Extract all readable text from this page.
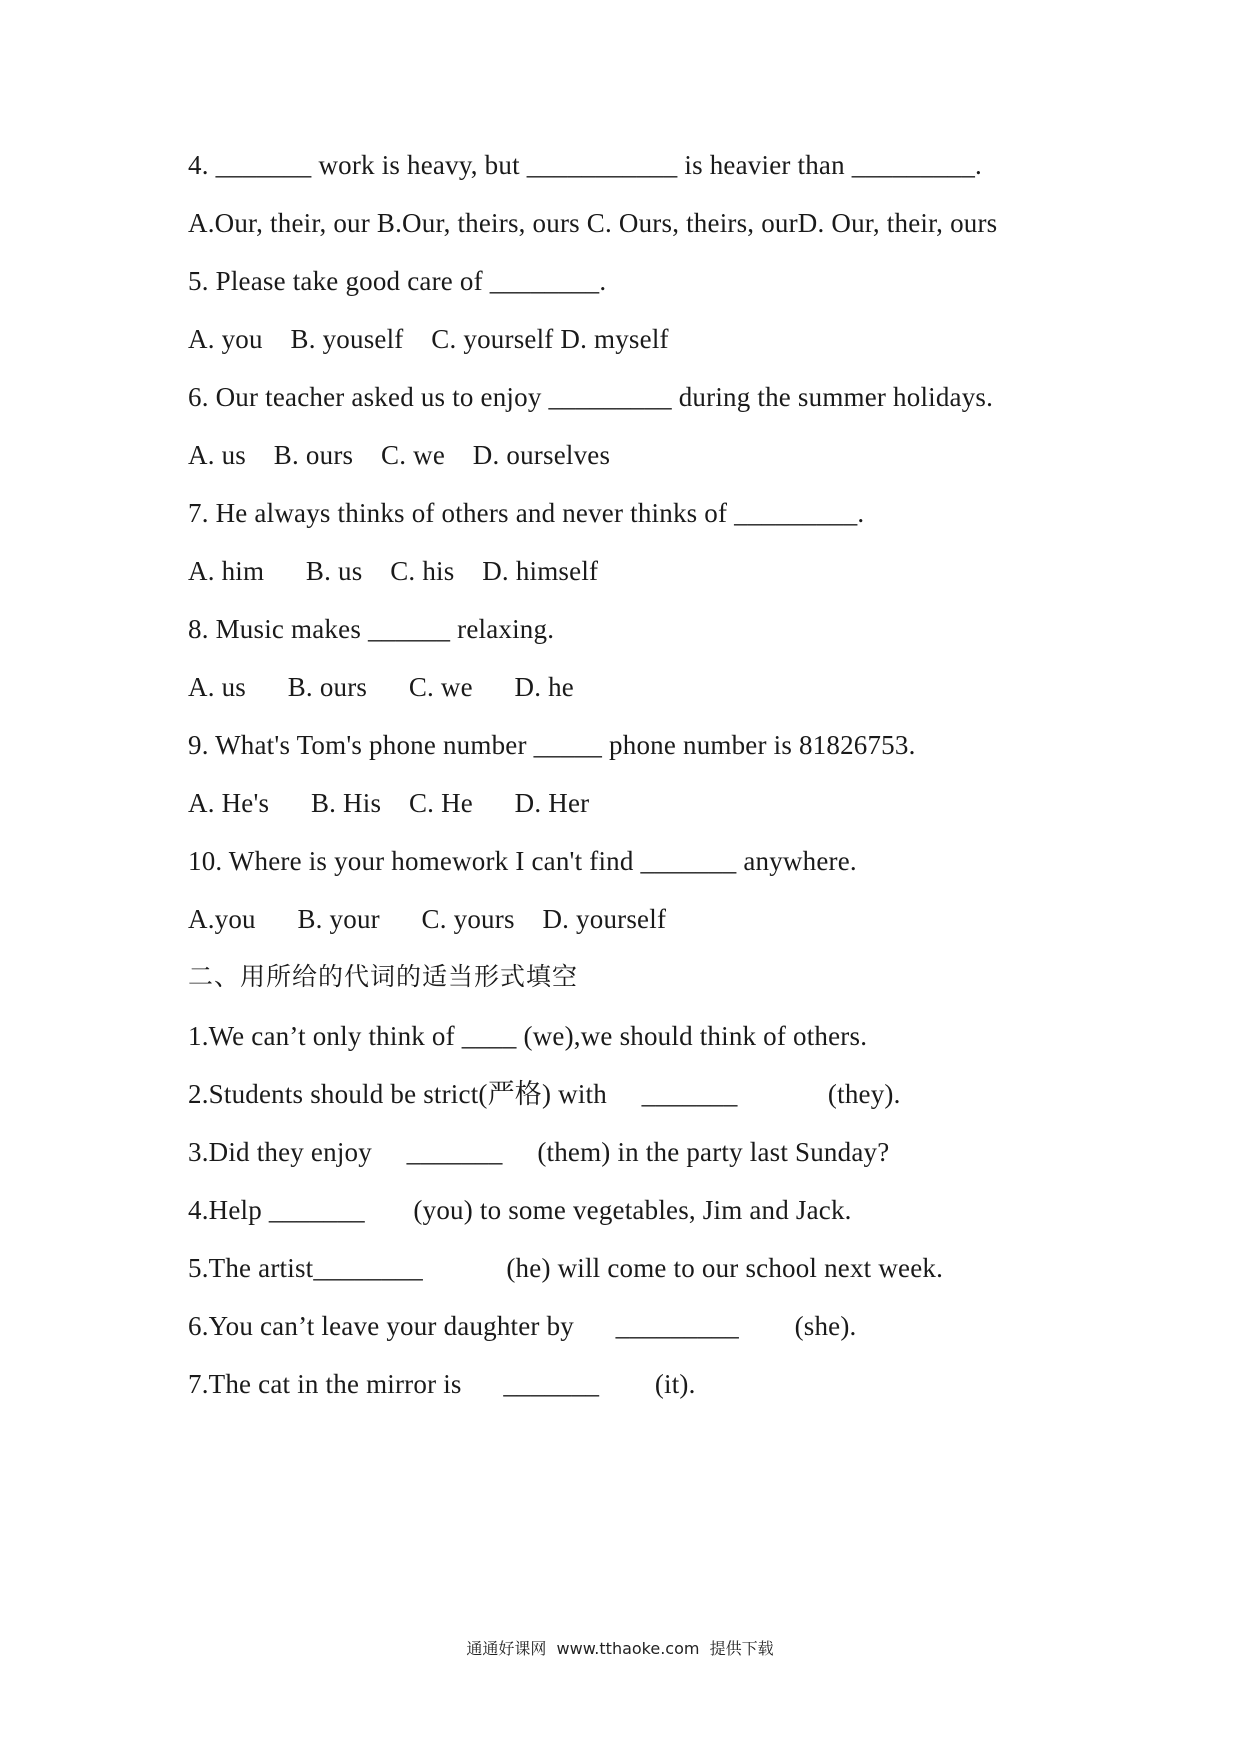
4. _______ work is heavy, but ___________ is heavier than _________.
A.Our, their, our B.Our, theirs, ours C. Ours, theirs, ourD. Our, their, ours
5. Please take good care of ________.
A. you    B. youself    C. yourself D. myself
6. Our teacher asked us to enjoy _________ during the summer holidays.
A. us    B. ours    C. we    D. ourselves
7. He always thinks of others and never thinks of _________.
A. him      B. us    C. his    D. himself
8. Music makes ______ relaxing.
A. us      B. ours      C. we      D. he
9. What's Tom's phone number _____ phone number is 81826753.
A. He's      B. His    C. He      D. Her
10. Where is your homework I can't find _______ anywhere.
A.you      B. your      C. yours    D. yourself
二、用所给的代词的适当形式填空
1.We can’t only think of ____ (we),we should think of others.
2.Students should be strict(严格) with     _______             (they).
3.Did they enjoy     _______     (them) in the party last Sunday?
4.Help _______       (you) to some vegetables, Jim and Jack.
5.The artist________            (he) will come to our school next week.
6.You can’t leave your daughter by      _________        (she).
7.The cat in the mirror is      _______        (it).
通通好课网  www.tthaoke.com  提供下载
